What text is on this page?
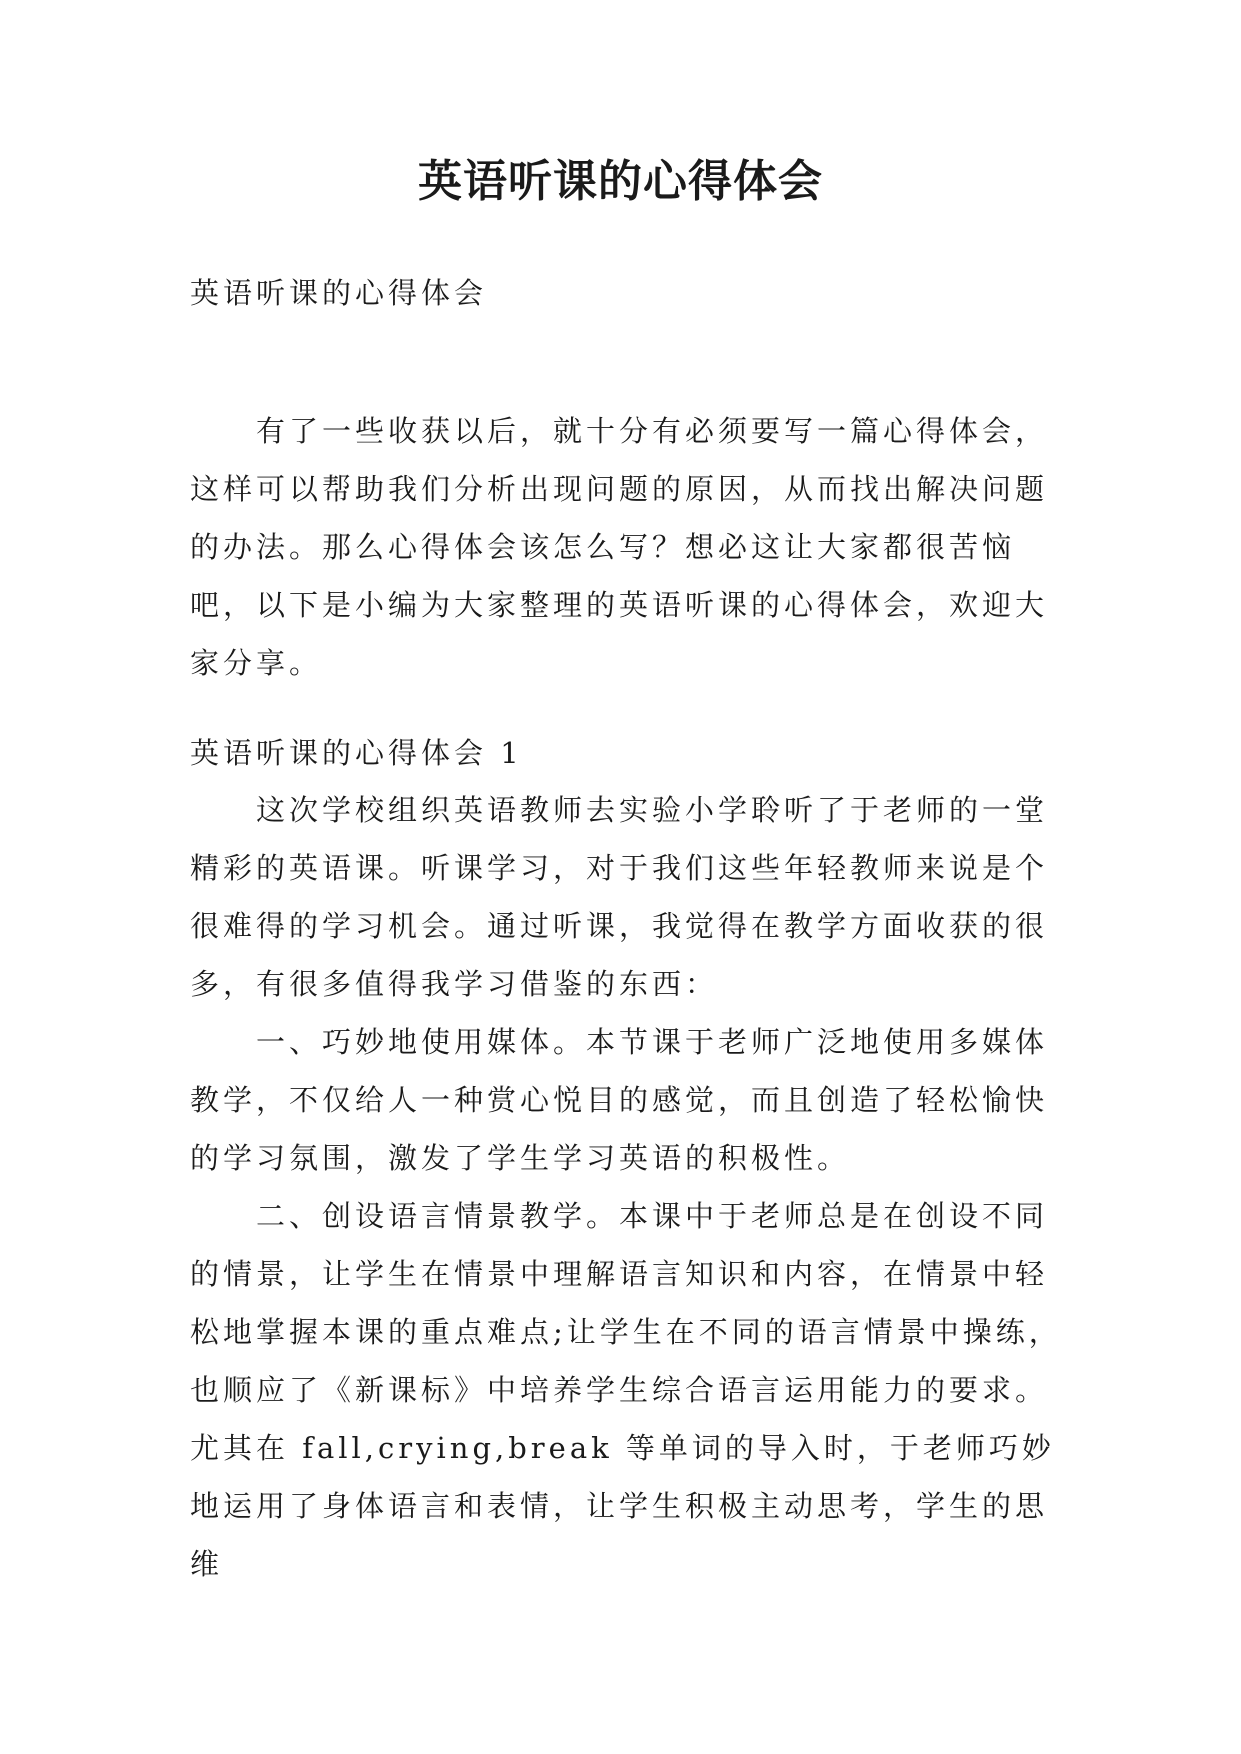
英语听课的心得体会

英语听课的心得体会

有了一些收获以后，就十分有必须要写一篇心得体会，这样可以帮助我们分析出现问题的原因，从而找出解决问题的办法。那么心得体会该怎么写？想必这让大家都很苦恼吧，以下是小编为大家整理的英语听课的心得体会，欢迎大家分享。

英语听课的心得体会 1

这次学校组织英语教师去实验小学聆听了于老师的一堂精彩的英语课。听课学习，对于我们这些年轻教师来说是个很难得的学习机会。通过听课，我觉得在教学方面收获的很多，有很多值得我学习借鉴的东西：

一、巧妙地使用媒体。本节课于老师广泛地使用多媒体教学，不仅给人一种赏心悦目的感觉，而且创造了轻松愉快的学习氛围，激发了学生学习英语的积极性。

二、创设语言情景教学。本课中于老师总是在创设不同的情景，让学生在情景中理解语言知识和内容，在情景中轻松地掌握本课的重点难点;让学生在不同的语言情景中操练，也顺应了《新课标》中培养学生综合语言运用能力的要求。尤其在 fall,crying,break 等单词的导入时，于老师巧妙地运用了身体语言和表情，让学生积极主动思考，学生的思维
